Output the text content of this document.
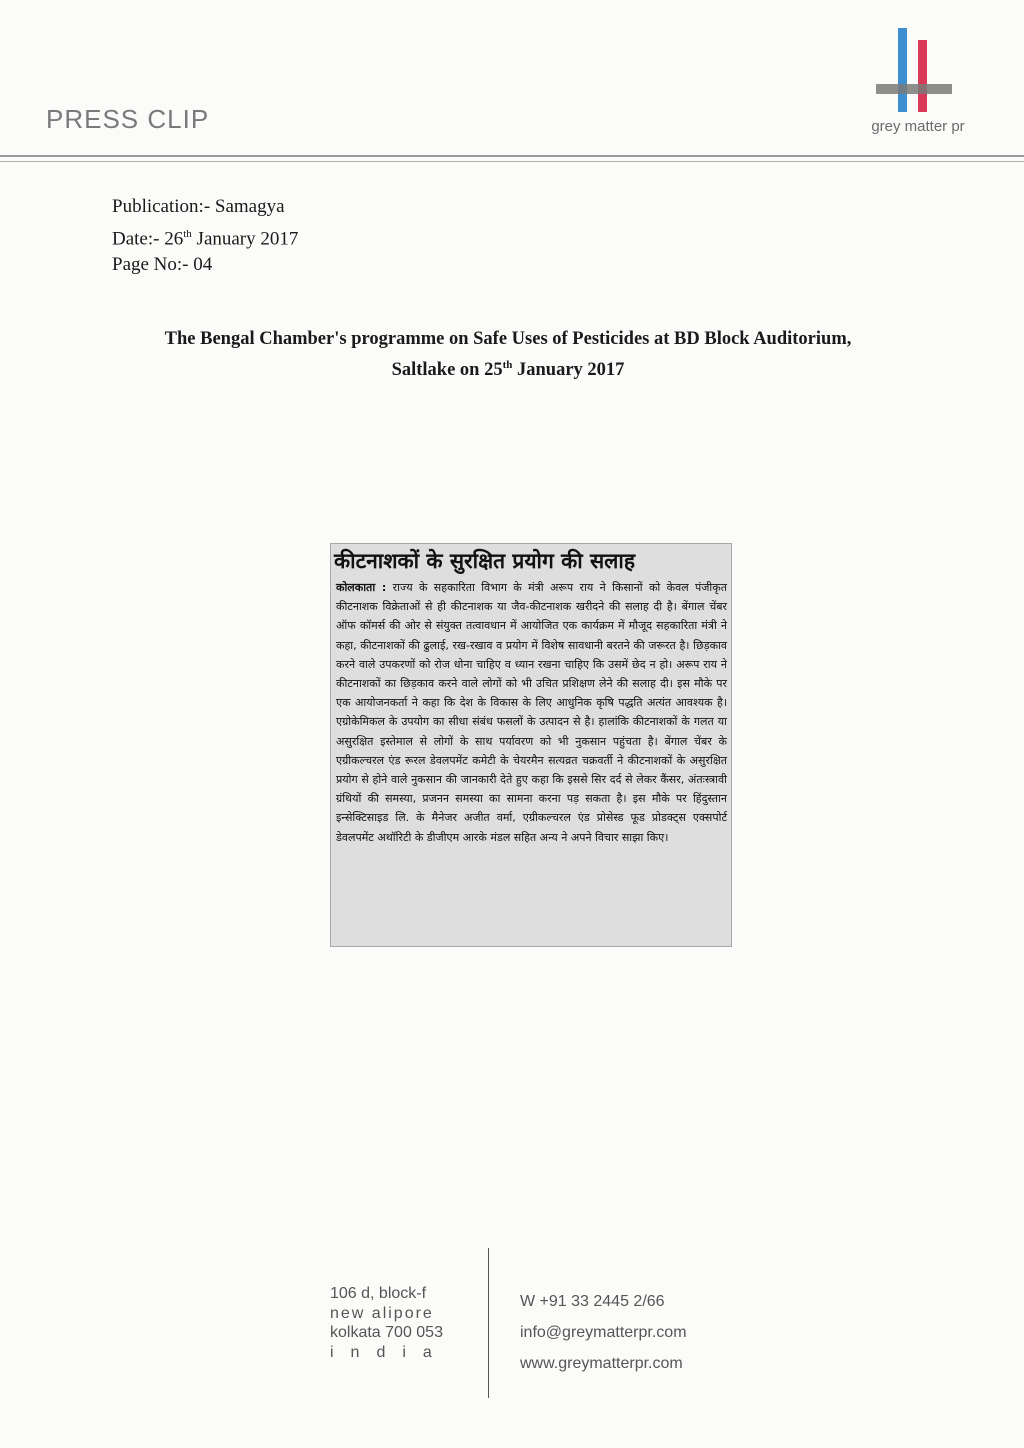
PRESS CLIP	grey matter pr
Publication:- Samagya
Date:- 26th January 2017
Page No:- 04
The Bengal Chamber's programme on Safe Uses of Pesticides at BD Block Auditorium,
Saltlake on 25th January 2017
कीटनाशकों के सुरक्षित प्रयोग की सलाह
कोलकाता : राज्य के सहकारिता विभाग के मंत्री अरूप राय ने किसानों को केवल पंजीकृत कीटनाशक विक्रेताओं से ही कीटनाशक या जैव-कीटनाशक खरीदने की सलाह दी है। बेंगाल चेंबर ऑफ कॉमर्स की ओर से संयुक्त तत्वावधान में आयोजित एक कार्यक्रम में मौजूद सहकारिता मंत्री ने कहा, कीटनाशकों की ढुलाई, रख-रखाव व प्रयोग में विशेष सावधानी बरतने की जरूरत है। छिड़काव करने वाले उपकरणों को रोज धोना चाहिए व ध्यान रखना चाहिए कि उसमें छेद न हो। अरूप राय ने कीटनाशकों का छिड़काव करने वाले लोगों को भी उचित प्रशिक्षण लेने की सलाह दी। इस मौके पर एक आयोजनकर्ता ने कहा कि देश के विकास के लिए आधुनिक कृषि पद्धति अत्यंत आवश्यक है। एग्रोकेमिकल के उपयोग का सीधा संबंध फसलों के उत्पादन से है। हालांकि कीटनाशकों के गलत या असुरक्षित इस्तेमाल से लोगों के साथ पर्यावरण को भी नुकसान पहुंचता है। बेंगाल चेंबर के एग्रीकल्चरल एंड रूरल डेवलपमेंट कमेटी के चेयरमैन सत्यव्रत चक्रवर्ती ने कीटनाशकों के असुरक्षित प्रयोग से होने वाले नुकसान की जानकारी देते हुए कहा कि इससे सिर दर्द से लेकर कैंसर, अंतःस्त्रावी ग्रंथियों की समस्या, प्रजनन समस्या का सामना करना पड़ सकता है। इस मौके पर हिंदुस्तान इन्सेक्टिसाइड लि. के मैनेजर अजीत वर्मा, एग्रीकल्चरल एंड प्रोसेस्ड फूड प्रोडक्ट्स एक्सपोर्ट डेवलपमेंट अथॉरिटी के डीजीएम आरके मंडल सहित अन्य ने अपने विचार साझा किए।
106 d, block-f
new alipore
kolkata 700 053
india
W +91 33 2445 2/66
info@greymatterpr.com
www.greymatterpr.com
